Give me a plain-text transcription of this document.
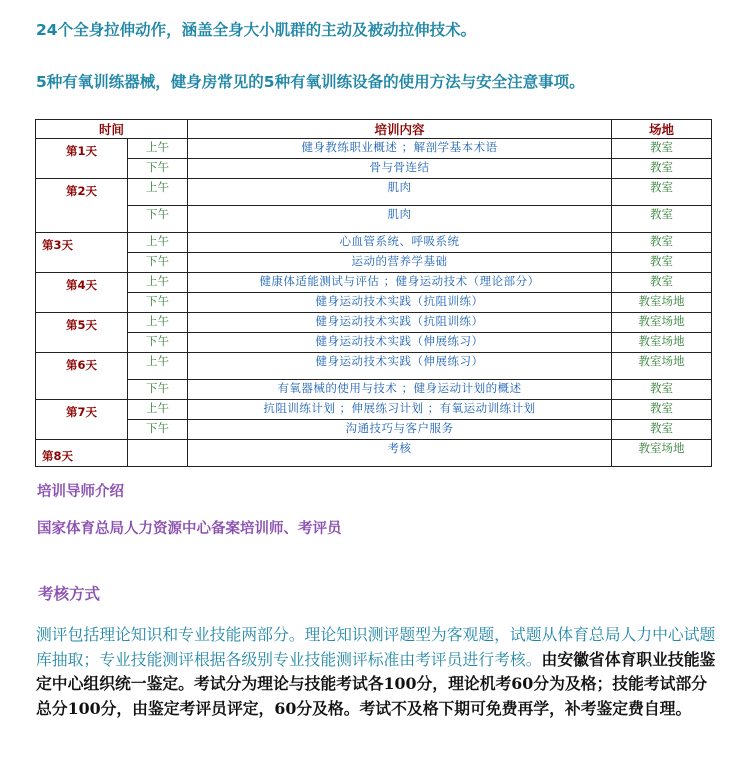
24个全身拉伸动作，涵盖全身大小肌群的主动及被动拉伸技术。
5种有氧训练器械，健身房常见的5种有氧训练设备的使用方法与安全注意事项。
时间		培训内容	场地
第1天	上午	健身教练职业概述 ；解剖学基本术语	教室
	下午	骨与骨连结	教室
第2天	上午	肌肉	教室
	下午	肌肉	教室
第3天	上午	心血管系统、呼吸系统	教室
	下午	运动的营养学基础	教室
第4天	上午	健康体适能测试与评估 ；健身运动技术（理论部分）	教室
	下午	健身运动技术实践（抗阻训练）	教室场地
第5天	上午	健身运动技术实践（抗阻训练）	教室场地
	下午	健身运动技术实践（伸展练习）	教室场地
第6天	上午	健身运动技术实践（伸展练习）	教室场地
	下午	有氧器械的使用与技术 ；健身运动计划的概述	教室
第7天	上午	抗阻训练计划 ；伸展练习计划 ；有氧运动训练计划	教室
	下午	沟通技巧与客户服务	教室
第8天		考核	教室场地
培训导师介绍
国家体育总局人力资源中心备案培训师、考评员
考核方式
测评包括理论知识和专业技能两部分。理论知识测评题型为客观题，试题从体育总局人力中心试题库抽取；专业技能测评根据各级别专业技能测评标准由考评员进行考核。由安徽省体育职业技能鉴定中心组织统一鉴定。考试分为理论与技能考试各100分，理论机考60分为及格；技能考试部分总分100分，由鉴定考评员评定，60分及格。考试不及格下期可免费再学，补考鉴定费自理。
